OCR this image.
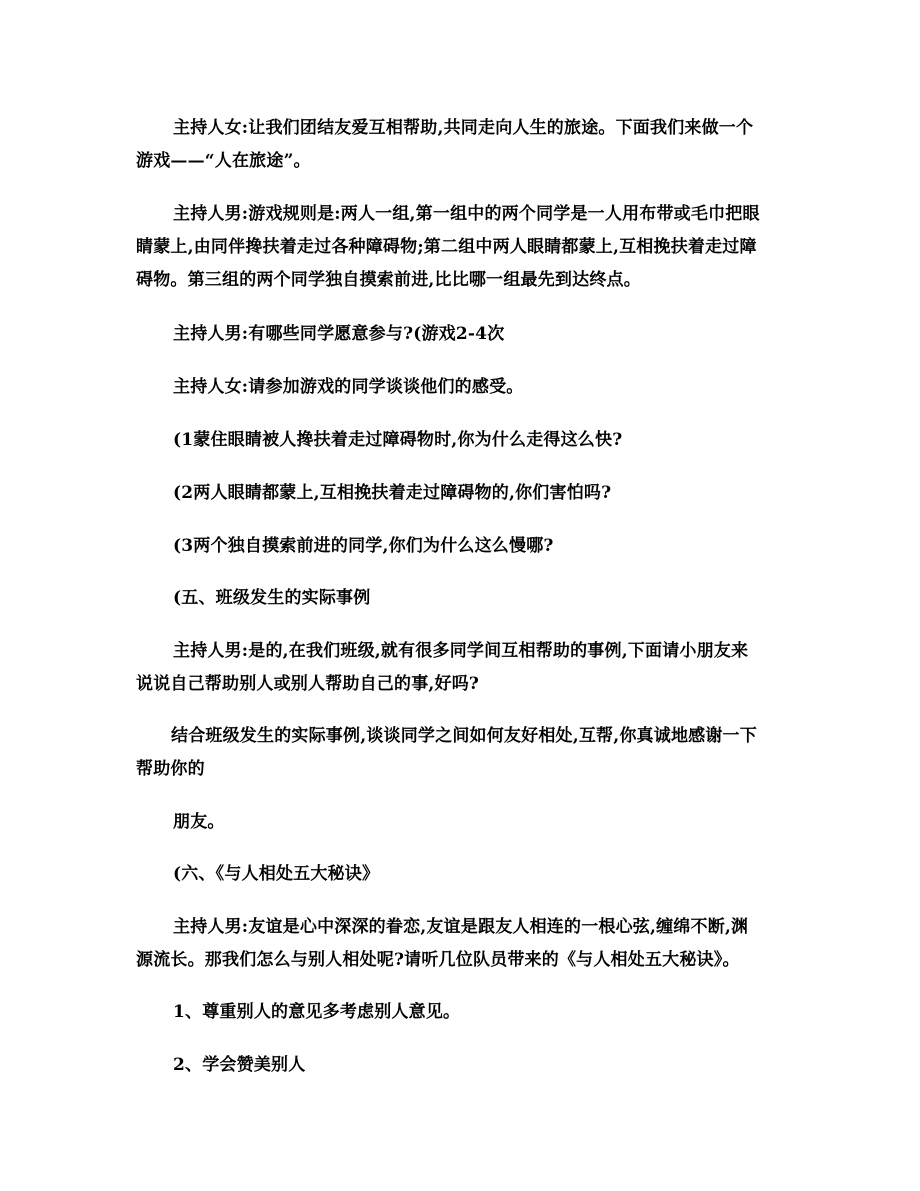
主持人女:让我们团结友爱互相帮助,共同走向人生的旅途。下面我们来做一个
游戏——“人在旅途”。
主持人男:游戏规则是:两人一组,第一组中的两个同学是一人用布带或毛巾把眼
睛蒙上,由同伴搀扶着走过各种障碍物;第二组中两人眼睛都蒙上,互相挽扶着走过障
碍物。第三组的两个同学独自摸索前进,比比哪一组最先到达终点。
主持人男:有哪些同学愿意参与?(游戏2-4次
主持人女:请参加游戏的同学谈谈他们的感受。
(1蒙住眼睛被人搀扶着走过障碍物时,你为什么走得这么快?
(2两人眼睛都蒙上,互相挽扶着走过障碍物的,你们害怕吗?
(3两个独自摸索前进的同学,你们为什么这么慢哪?
(五、班级发生的实际事例
主持人男:是的,在我们班级,就有很多同学间互相帮助的事例,下面请小朋友来
说说自己帮助别人或别人帮助自己的事,好吗?
结合班级发生的实际事例,谈谈同学之间如何友好相处,互帮,你真诚地感谢一下
帮助你的
朋友。
(六、《与人相处五大秘诀》
主持人男:友谊是心中深深的眷恋,友谊是跟友人相连的一根心弦,缠绵不断,渊
源流长。那我们怎么与别人相处呢?请听几位队员带来的《与人相处五大秘诀》。
1、尊重别人的意见多考虑别人意见。
2、学会赞美别人
